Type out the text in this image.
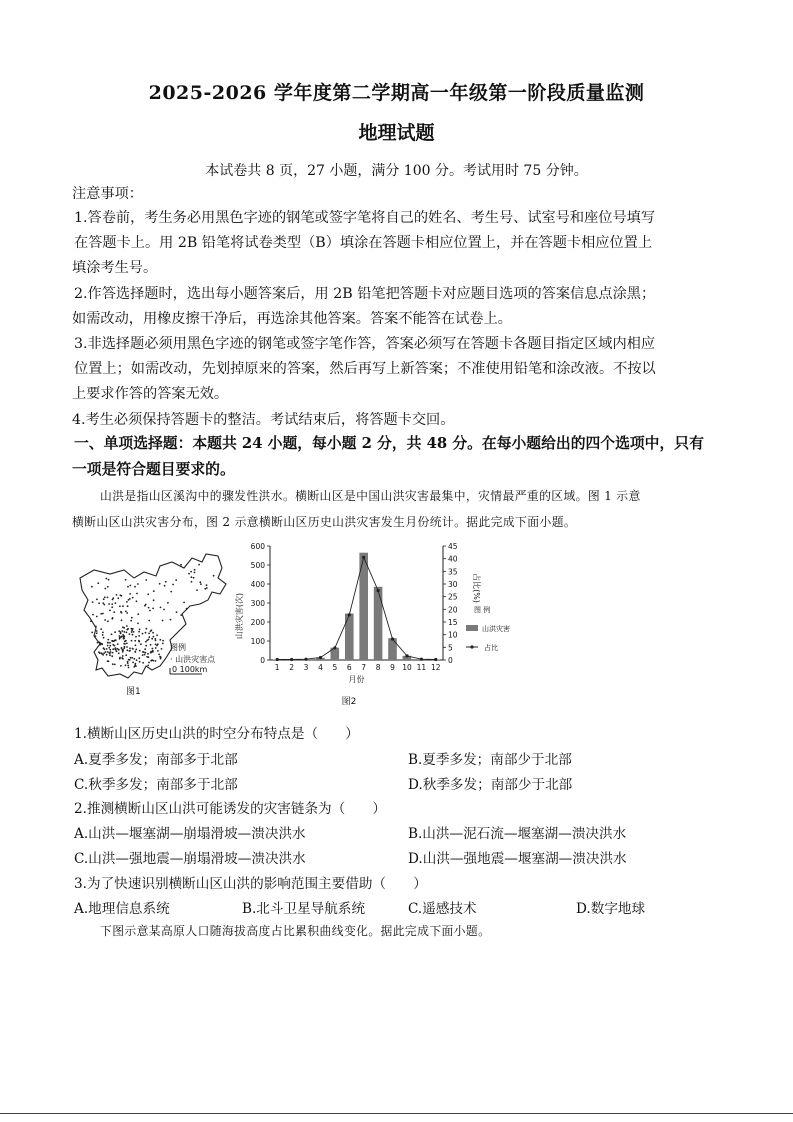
2025-2026 学年度第二学期高一年级第一阶段质量监测
地理试题
本试卷共 8 页，27 小题，满分 100 分。考试用时 75 分钟。
注意事项：
1.答卷前，考生务必用黑色字迹的钢笔或签字笔将自己的姓名、考生号、试室号和座位号填写
在答题卡上。用 2B 铅笔将试卷类型（B）填涂在答题卡相应位置上，并在答题卡相应位置上
填涂考生号。
2.作答选择题时，选出每小题答案后，用 2B 铅笔把答题卡对应题目选项的答案信息点涂黑；
如需改动，用橡皮擦干净后，再选涂其他答案。答案不能答在试卷上。
3.非选择题必须用黑色字迹的钢笔或签字笔作答，答案必须写在答题卡各题目指定区域内相应
位置上；如需改动，先划掉原来的答案，然后再写上新答案；不准使用铅笔和涂改液。不按以
上要求作答的答案无效。
4.考生必须保持答题卡的整洁。考试结束后，将答题卡交回。
一、单项选择题：本题共 24 小题，每小题 2 分，共 48 分。在每小题给出的四个选项中，只有
一项是符合题目要求的。
山洪是指山区溪沟中的骤发性洪水。横断山区是中国山洪灾害最集中，灾情最严重的区域。图 1 示意
横断山区山洪灾害分布，图 2 示意横断山区历史山洪灾害发生月份统计。据此完成下面小题。
图例
· 山洪灾害点
0 100km
图1
0
100
200
300
400
500
600
0
5
10
15
20
25
30
35
40
45
1 2 3 4 5 6 7 8 9 10 11 12
月份
山洪灾害(次)
占比(%)
图 例
山洪灾害
占比
图2
1.横断山区历史山洪的时空分布特点是（　　）
A.夏季多发；南部多于北部	B.夏季多发；南部少于北部
C.秋季多发；南部多于北部	D.秋季多发；南部少于北部
2.推测横断山区山洪可能诱发的灾害链条为（　　）
A.山洪—堰塞湖—崩塌滑坡—溃决洪水	B.山洪—泥石流—堰塞湖—溃决洪水
C.山洪—强地震—崩塌滑坡—溃决洪水	D.山洪—强地震—堰塞湖—溃决洪水
3.为了快速识别横断山区山洪的影响范围主要借助（　　）
A.地理信息系统	B.北斗卫星导航系统	C.遥感技术	D.数字地球
下图示意某高原人口随海拔高度占比累积曲线变化。据此完成下面小题。
